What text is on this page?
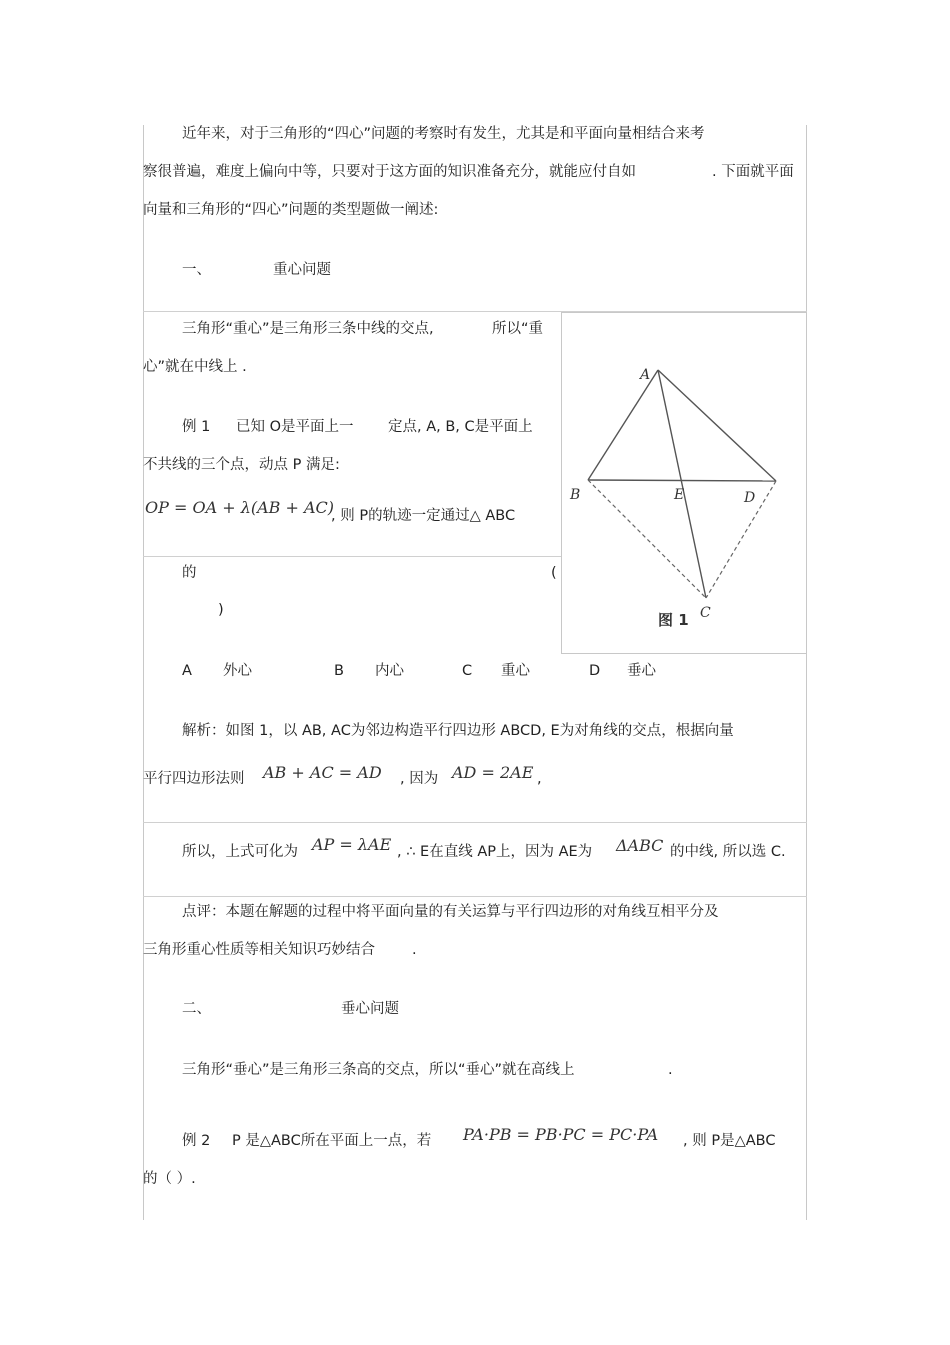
近年来，对于三角形的“四心”问题的考察时有发生，尤其是和平面向量相结合来考
察很普遍，难度上偏向中等，只要对于这方面的知识准备充分，就能应付自如	. 下面就平面
向量和三角形的“四心”问题的类型题做一阐述:
一、	重心问题
三角形“重心”是三角形三条中线的交点,	所以“重
心”就在中线上 .
例 1 已知 O是平面上一 定点, A, B, C是平面上
不共线的三个点，动点 P 满足:
OP = OA + λ(AB + AC)
, 则 P的轨迹一定通过△ ABC
的	(
)
A 外心	B 内心	C 重心	D 垂心
解析：如图 1，以 AB, AC为邻边构造平行四边形 ABCD, E为对角线的交点，根据向量
平行四边形法则 AB + AC = AD , 因为 AD = 2AE ,
所以，上式可化为 AP = λAE , ∴ E在直线 AP上，因为 AE为 ΔABC 的中线, 所以选 C.
点评：本题在解题的过程中将平面向量的有关运算与平行四边形的对角线互相平分及
三角形重心性质等相关知识巧妙结合	.
A
B	E	D
C
图 1
二、	垂心问题
三角形“垂心”是三角形三条高的交点，所以“垂心”就在高线上	.
例 2 P 是△ABC所在平面上一点，若 PA·PB = PB·PC = PC·PA , 则 P是△ABC
的（ ）.
